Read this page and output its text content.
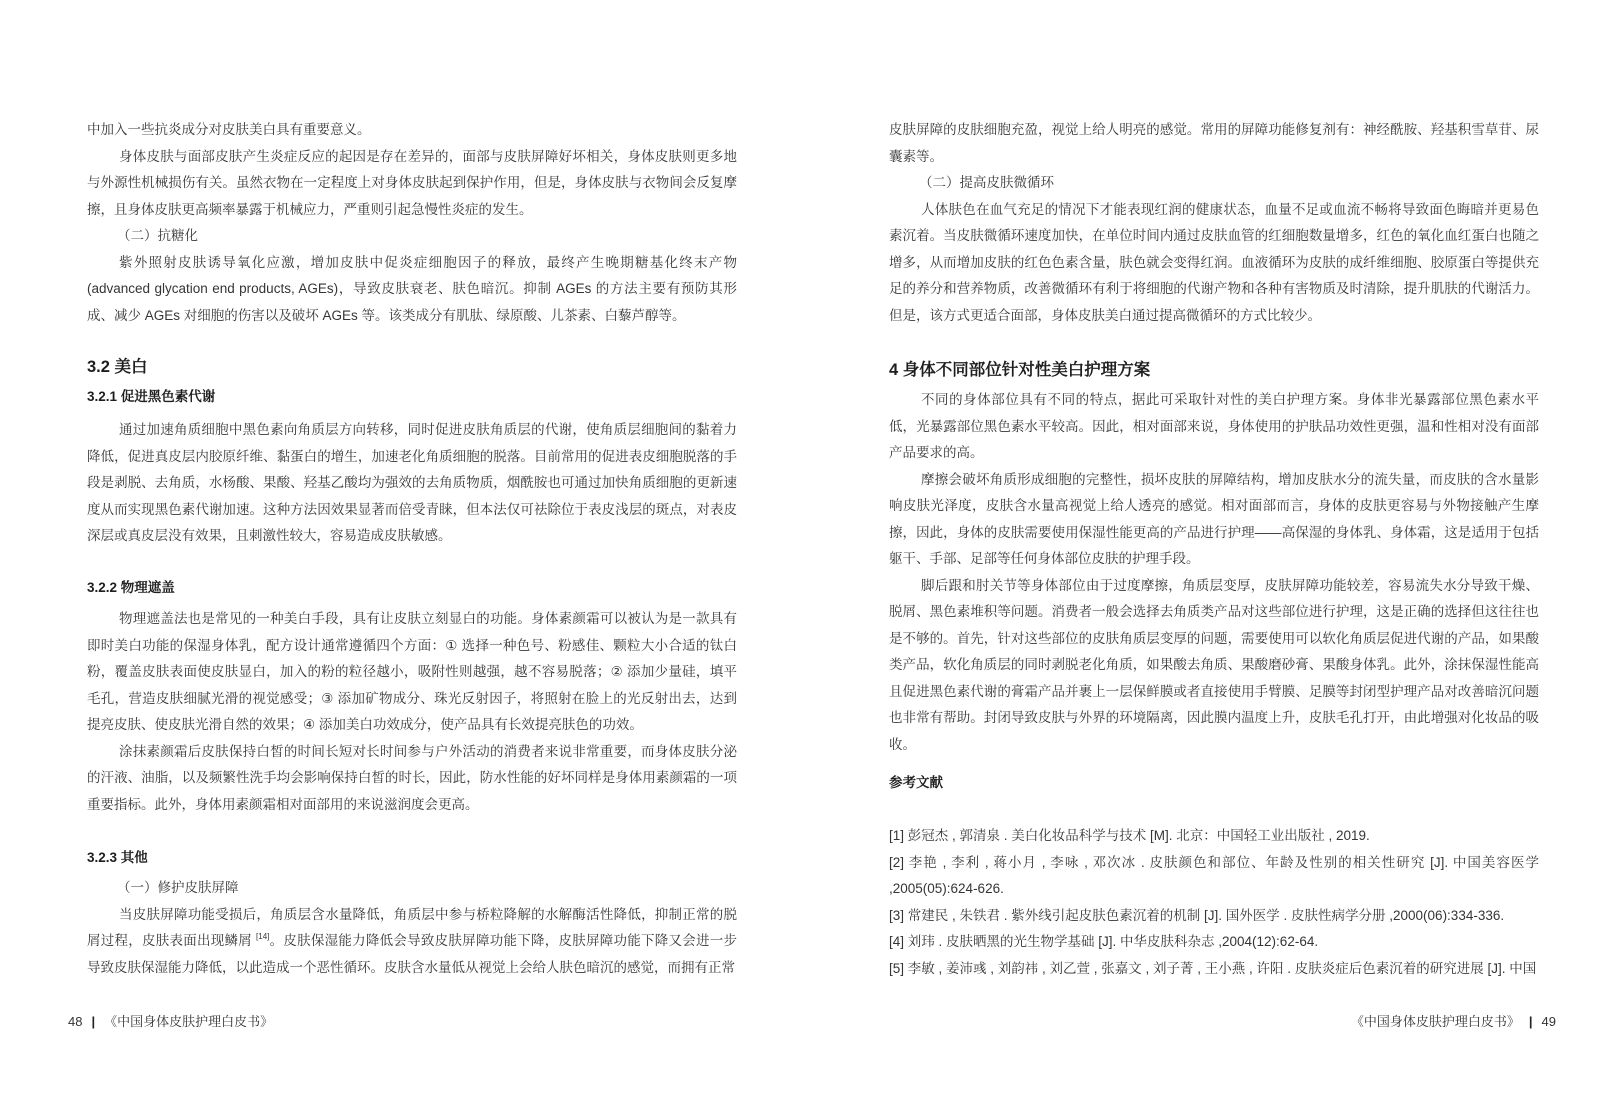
中加入一些抗炎成分对皮肤美白具有重要意义。

身体皮肤与面部皮肤产生炎症反应的起因是存在差异的，面部与皮肤屏障好坏相关，身体皮肤则更多地与外源性机械损伤有关。虽然衣物在一定程度上对身体皮肤起到保护作用，但是，身体皮肤与衣物间会反复摩擦，且身体皮肤更高频率暴露于机械应力，严重则引起急慢性炎症的发生。

（二）抗糖化

紫外照射皮肤诱导氧化应激，增加皮肤中促炎症细胞因子的释放，最终产生晚期糖基化终末产物 (advanced glycation end products, AGEs)，导致皮肤衰老、肤色暗沉。抑制 AGEs 的方法主要有预防其形成、减少 AGEs 对细胞的伤害以及破坏 AGEs 等。该类成分有肌肽、绿原酸、儿茶素、白藜芦醇等。

3.2 美白
3.2.1 促进黑色素代谢

通过加速角质细胞中黑色素向角质层方向转移，同时促进皮肤角质层的代谢，使角质层细胞间的黏着力降低，促进真皮层内胶原纤维、黏蛋白的增生，加速老化角质细胞的脱落。目前常用的促进表皮细胞脱落的手段是剥脱、去角质，水杨酸、果酸、羟基乙酸均为强效的去角质物质，烟酰胺也可通过加快角质细胞的更新速度从而实现黑色素代谢加速。这种方法因效果显著而倍受青睐，但本法仅可祛除位于表皮浅层的斑点，对表皮深层或真皮层没有效果，且刺激性较大，容易造成皮肤敏感。

3.2.2 物理遮盖

物理遮盖法也是常见的一种美白手段，具有让皮肤立刻显白的功能。身体素颜霜可以被认为是一款具有即时美白功能的保湿身体乳，配方设计通常遵循四个方面：① 选择一种色号、粉感佳、颗粒大小合适的钛白粉，覆盖皮肤表面使皮肤显白，加入的粉的粒径越小，吸附性则越强，越不容易脱落；② 添加少量硅，填平毛孔，营造皮肤细腻光滑的视觉感受；③ 添加矿物成分、珠光反射因子，将照射在脸上的光反射出去，达到提亮皮肤、使皮肤光滑自然的效果；④ 添加美白功效成分，使产品具有长效提亮肤色的功效。

涂抹素颜霜后皮肤保持白皙的时间长短对长时间参与户外活动的消费者来说非常重要，而身体皮肤分泌的汗液、油脂，以及频繁性洗手均会影响保持白皙的时长，因此，防水性能的好坏同样是身体用素颜霜的一项重要指标。此外，身体用素颜霜相对面部用的来说滋润度会更高。

3.2.3 其他

（一）修护皮肤屏障

当皮肤屏障功能受损后，角质层含水量降低，角质层中参与桥粒降解的水解酶活性降低，抑制正常的脱屑过程，皮肤表面出现鳞屑 [14]。皮肤保湿能力降低会导致皮肤屏障功能下降，皮肤屏障功能下降又会进一步导致皮肤保湿能力降低，以此造成一个恶性循环。皮肤含水量低从视觉上会给人肤色暗沉的感觉，而拥有正常

48 | 《中国身体皮肤护理白皮书》

皮肤屏障的皮肤细胞充盈，视觉上给人明亮的感觉。常用的屏障功能修复剂有：神经酰胺、羟基积雪草苷、尿囊素等。

（二）提高皮肤微循环

人体肤色在血气充足的情况下才能表现红润的健康状态，血量不足或血流不畅将导致面色晦暗并更易色素沉着。当皮肤微循环速度加快，在单位时间内通过皮肤血管的红细胞数量增多，红色的氧化血红蛋白也随之增多，从而增加皮肤的红色色素含量，肤色就会变得红润。血液循环为皮肤的成纤维细胞、胶原蛋白等提供充足的养分和营养物质，改善微循环有利于将细胞的代谢产物和各种有害物质及时清除，提升肌肤的代谢活力。但是，该方式更适合面部，身体皮肤美白通过提高微循环的方式比较少。

4 身体不同部位针对性美白护理方案

不同的身体部位具有不同的特点，据此可采取针对性的美白护理方案。身体非光暴露部位黑色素水平低，光暴露部位黑色素水平较高。因此，相对面部来说，身体使用的护肤品功效性更强，温和性相对没有面部产品要求的高。

摩擦会破坏角质形成细胞的完整性，损坏皮肤的屏障结构，增加皮肤水分的流失量，而皮肤的含水量影响皮肤光泽度，皮肤含水量高视觉上给人透亮的感觉。相对面部而言，身体的皮肤更容易与外物接触产生摩擦，因此，身体的皮肤需要使用保湿性能更高的产品进行护理——高保湿的身体乳、身体霜，这是适用于包括躯干、手部、足部等任何身体部位皮肤的护理手段。

脚后跟和肘关节等身体部位由于过度摩擦，角质层变厚，皮肤屏障功能较差，容易流失水分导致干燥、脱屑、黑色素堆积等问题。消费者一般会选择去角质类产品对这些部位进行护理，这是正确的选择但这往往也是不够的。首先，针对这些部位的皮肤角质层变厚的问题，需要使用可以软化角质层促进代谢的产品，如果酸类产品，软化角质层的同时剥脱老化角质，如果酸去角质、果酸磨砂膏、果酸身体乳。此外，涂抹保湿性能高且促进黑色素代谢的膏霜产品并裹上一层保鲜膜或者直接使用手臂膜、足膜等封闭型护理产品对改善暗沉问题也非常有帮助。封闭导致皮肤与外界的环境隔离，因此膜内温度上升，皮肤毛孔打开，由此增强对化妆品的吸收。

参考文献

[1] 彭冠杰 , 郭清泉 . 美白化妆品科学与技术 [M]. 北京：中国轻工业出版社 , 2019.

[2] 李艳 , 李利 , 蒋小月 , 李咏 , 邓次冰 . 皮肤颜色和部位、年龄及性别的相关性研究 [J]. 中国美容医学 ,2005(05):624-626.

[3] 常建民 , 朱铁君 . 紫外线引起皮肤色素沉着的机制 [J]. 国外医学 . 皮肤性病学分册 ,2000(06):334-336.

[4] 刘玮 . 皮肤晒黑的光生物学基础 [J]. 中华皮肤科杂志 ,2004(12):62-64.

[5] 李敏 , 姜沛彧 , 刘韵祎 , 刘乙萱 , 张嘉文 , 刘子菁 , 王小燕 , 许阳 . 皮肤炎症后色素沉着的研究进展 [J]. 中国

《中国身体皮肤护理白皮书》 | 49
